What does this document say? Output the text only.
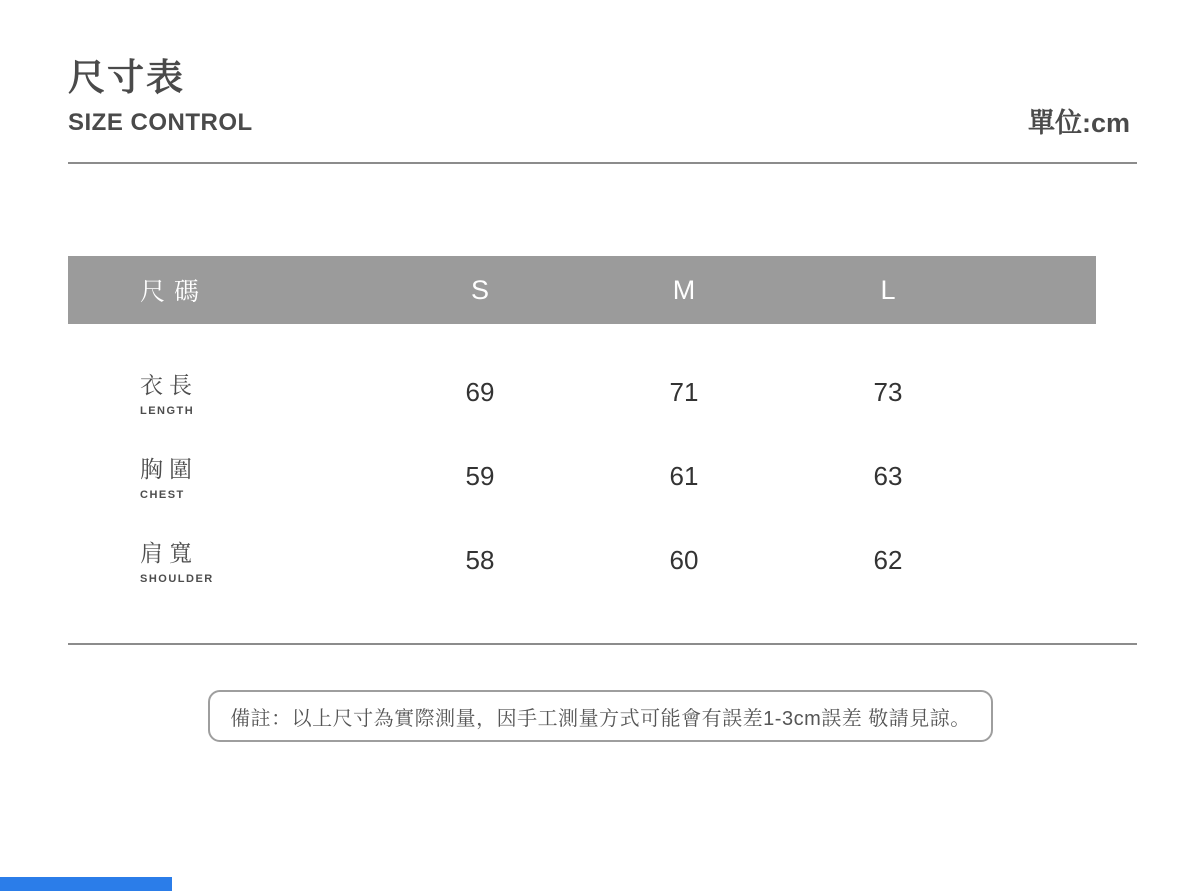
尺寸表
SIZE CONTROL	單位:cm
尺碼	S	M	L
衣長
LENGTH
69	71	73
胸圍
CHEST
59	61	63
肩寬
SHOULDER
58	60	62
備註：以上尺寸為實際測量，因手工測量方式可能會有誤差1-3cm誤差 敬請見諒。
